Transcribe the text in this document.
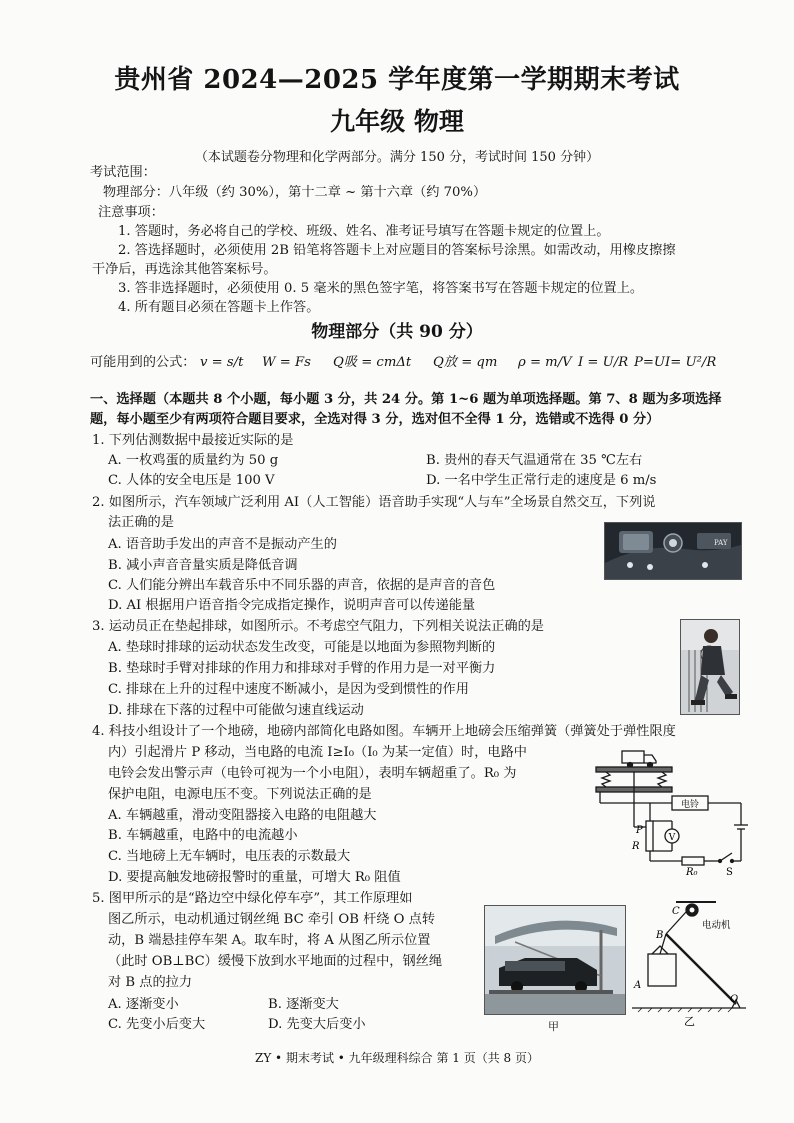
贵州省 2024—2025 学年度第一学期期末考试
九年级 物理
（本试题卷分物理和化学两部分。满分 150 分，考试时间 150 分钟）
考试范围：
物理部分：八年级（约 30%），第十二章 ~ 第十六章（约 70%）
注意事项：
1. 答题时，务必将自己的学校、班级、姓名、准考证号填写在答题卡规定的位置上。
2. 答选择题时，必须使用 2B 铅笔将答题卡上对应题目的答案标号涂黑。如需改动，用橡皮擦擦
干净后，再选涂其他答案标号。
3. 答非选择题时，必须使用 0. 5 毫米的黑色签字笔，将答案书写在答题卡规定的位置上。
4. 所有题目必须在答题卡上作答。
物理部分（共 90 分）
可能用到的公式： v = s/t W = Fs Q吸 = cmΔt Q放 = qm ρ = m/V I = U/R P=UI= U²/R
一、选择题（本题共 8 个小题，每小题 3 分，共 24 分。第 1~6 题为单项选择题。第 7、8 题为多项选择
题，每小题至少有两项符合题目要求，全选对得 3 分，选对但不全得 1 分，选错或不选得 0 分）
1. 下列估测数据中最接近实际的是
A. 一枚鸡蛋的质量约为 50 g	B. 贵州的春天气温通常在 35 ℃左右
C. 人体的安全电压是 100 V	D. 一名中学生正常行走的速度是 6 m/s
2. 如图所示，汽车领域广泛利用 AI（人工智能）语音助手实现“人与车”全场景自然交互，下列说
法正确的是
A. 语音助手发出的声音不是振动产生的
B. 减小声音音量实质是降低音调
C. 人们能分辨出车载音乐中不同乐器的声音，依据的是声音的音色
D. AI 根据用户语音指令完成指定操作，说明声音可以传递能量
PAY
3. 运动员正在垫起排球，如图所示。不考虑空气阻力，下列相关说法正确的是
A. 垫球时排球的运动状态发生改变，可能是以地面为参照物判断的
B. 垫球时手臂对排球的作用力和排球对手臂的作用力是一对平衡力
C. 排球在上升的过程中速度不断减小，是因为受到惯性的作用
D. 排球在下落的过程中可能做匀速直线运动
4. 科技小组设计了一个地磅，地磅内部简化电路如图。车辆开上地磅会压缩弹簧（弹簧处于弹性限度
内）引起滑片 P 移动，当电路的电流 I≥I₀（I₀ 为某一定值）时，电路中
电铃会发出警示声（电铃可视为一个小电阻），表明车辆超重了。R₀ 为
保护电阻，电源电压不变。下列说法正确的是
A. 车辆越重，滑动变阻器接入电路的电阻越大
B. 车辆越重，电路中的电流越小
C. 当地磅上无车辆时，电压表的示数最大
D. 要提高触发地磅报警时的重量，可增大 R₀ 阻值
电铃
P
R
V
R₀	S
5. 图甲所示的是“路边空中绿化停车亭”，其工作原理如
图乙所示，电动机通过钢丝绳 BC 牵引 OB 杆绕 O 点转
动，B 端悬挂停车架 A。取车时，将 A 从图乙所示位置
（此时 OB⊥BC）缓慢下放到水平地面的过程中，钢丝绳
对 B 点的拉力
A. 逐渐变小	B. 逐渐变大
C. 先变小后变大	D. 先变大后变小	甲
C
B
A
O
电动机
乙
ZY • 期末考试 • 九年级理科综合 第 1 页（共 8 页）
